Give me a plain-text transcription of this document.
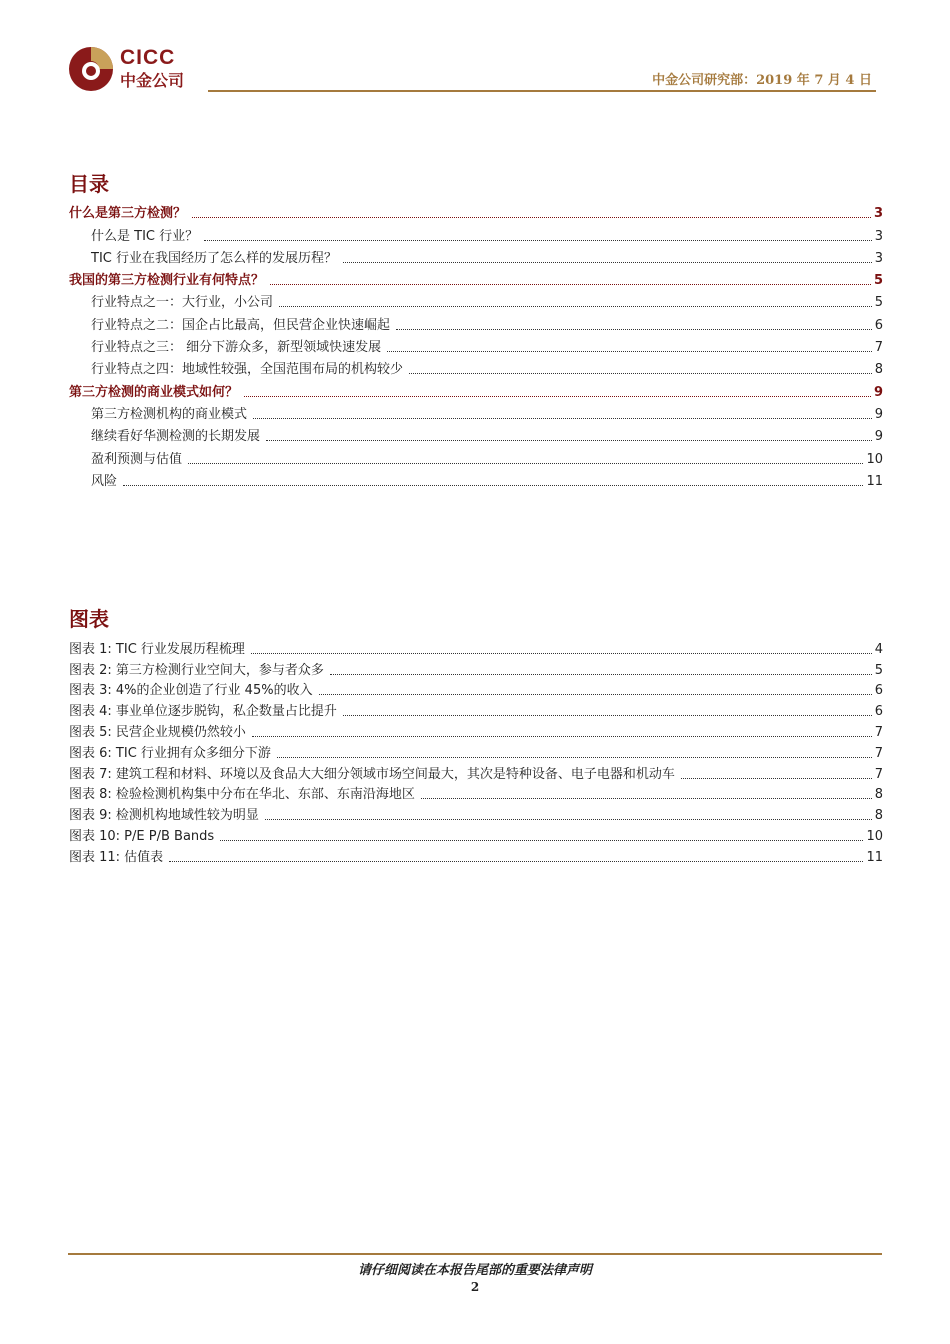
CICC
中金公司	中金公司研究部：2019 年 7 月 4 日
目录
什么是第三方检测？	3
什么是 TIC 行业？	3
TIC 行业在我国经历了怎么样的发展历程？	3
我国的第三方检测行业有何特点？	5
行业特点之一：大行业，小公司	5
行业特点之二：国企占比最高，但民营企业快速崛起	6
行业特点之三： 细分下游众多，新型领域快速发展	7
行业特点之四：地域性较强，全国范围布局的机构较少	8
第三方检测的商业模式如何？	9
第三方检测机构的商业模式	9
继续看好华测检测的长期发展	9
盈利预测与估值	10
风险	11
图表
图表 1: TIC 行业发展历程梳理	4
图表 2: 第三方检测行业空间大，参与者众多	5
图表 3: 4%的企业创造了行业 45%的收入	6
图表 4: 事业单位逐步脱钩，私企数量占比提升	6
图表 5: 民营企业规模仍然较小	7
图表 6: TIC 行业拥有众多细分下游	7
图表 7: 建筑工程和材料、环境以及食品大大细分领域市场空间最大，其次是特种设备、电子电器和机动车	7
图表 8: 检验检测机构集中分布在华北、东部、东南沿海地区	8
图表 9: 检测机构地域性较为明显	8
图表 10: P/E P/B Bands	10
图表 11: 估值表	11
请仔细阅读在本报告尾部的重要法律声明
2
